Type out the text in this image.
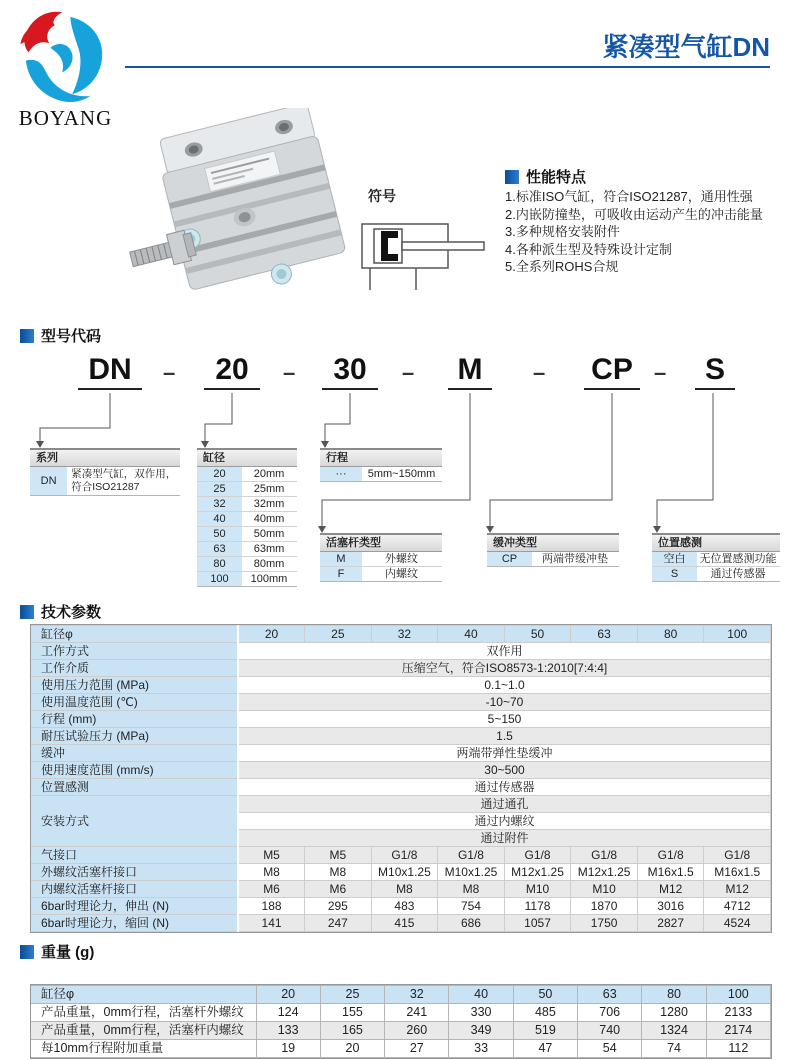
BOYANG
紧凑型气缸DN
符号
性能特点
1.标准ISO气缸，符合ISO21287，通用性强
2.内嵌防撞垫，可吸收由运动产生的冲击能量
3.多种规格安装附件
4.各种派生型及特殊设计定制
5.全系列ROHS合规
型号代码
DN	–	20	–	30	–	M	– CP –	S
系列
DN
紧凑型气缸，双作用，符合ISO21287
缸径
20	20mm
25	25mm
32	32mm
40	40mm
50	50mm
63	63mm
80	80mm
100	100mm
行程
···	5mm~150mm
活塞杆类型
M	外螺纹
F	内螺纹
缓冲类型
CP	两端带缓冲垫
位置感测
空白	无位置感测功能
S	通过传感器
技术参数
缸径φ	20	25	32	40	50	63	80	100
工作方式	双作用							
工作介质	压缩空气，符合ISO8573-1:2010[7:4:4]							
使用压力范围 (MPa)	0.1~1.0							
使用温度范围 (℃)	-10~70							
行程 (mm)	5~150							
耐压试验压力 (MPa)	1.5							
缓冲	两端带弹性垫缓冲							
使用速度范围 (mm/s)	30~500							
位置感测	通过传感器							
安装方式	通过通孔							
	通过内螺纹							
	通过附件							
气接口	M5	M5	G1/8	G1/8	G1/8	G1/8	G1/8	G1/8
外螺纹活塞杆接口	M8	M8	M10x1.25	M10x1.25	M12x1.25	M12x1.25	M16x1.5	M16x1.5
内螺纹活塞杆接口	M6	M6	M8	M8	M10	M10	M12	M12
6bar时理论力，伸出 (N)	188	295	483	754	1178	1870	3016	4712
6bar时理论力，缩回 (N)	141	247	415	686	1057	1750	2827	4524
重量 (g)
缸径φ	20	25	32	40	50	63	80	100
产品重量，0mm行程，活塞杆外螺纹	124	155	241	330	485	706	1280	2133
产品重量，0mm行程，活塞杆内螺纹	133	165	260	349	519	740	1324	2174
每10mm行程附加重量	19	20	27	33	47	54	74	112
